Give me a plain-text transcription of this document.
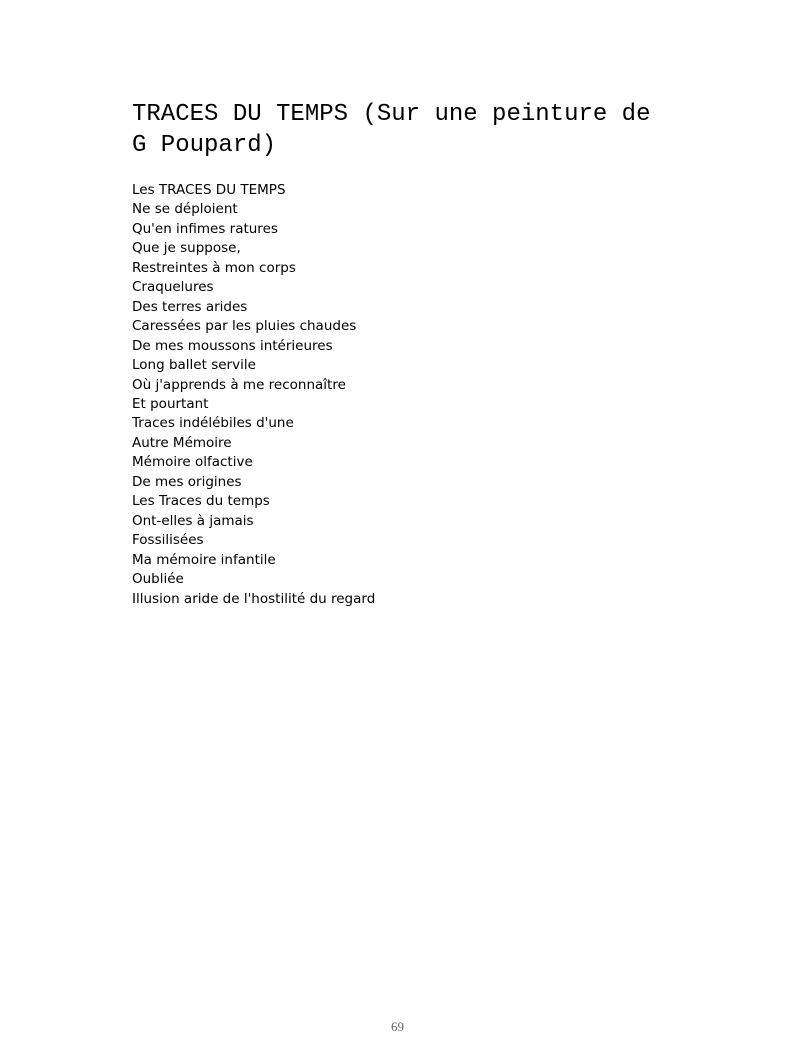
TRACES DU TEMPS (Sur une peinture de G Poupard)
Les TRACES DU TEMPS
Ne se déploient
Qu'en infimes ratures
Que je suppose,
Restreintes à mon corps
Craquelures
Des terres arides
Caressées par les pluies chaudes
De mes moussons intérieures
Long ballet servile
Où j'apprends à me reconnaître
Et pourtant
Traces indélébiles d'une
Autre Mémoire
Mémoire olfactive
De mes origines
Les Traces du temps
Ont-elles à jamais
Fossilisées
Ma mémoire infantile
Oubliée
Illusion aride de l'hostilité du regard
69
